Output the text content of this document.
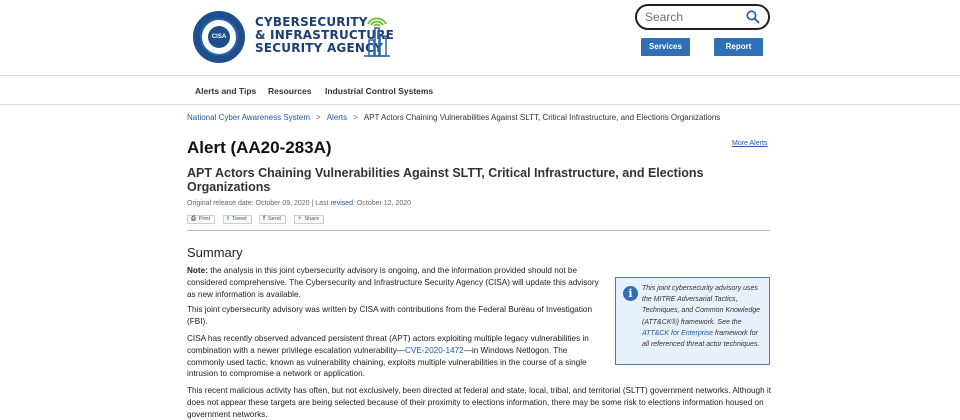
CISA
CYBERSECURITY
& INFRASTRUCTURE
SECURITY AGENCY
Search	Services	Report
Alerts and Tips Resources Industrial Control Systems
National Cyber Awareness System > Alerts > APT Actors Chaining Vulnerabilities Against SLTT, Critical Infrastructure, and Elections Organizations
Alert (AA20-283A)	More Alerts
APT Actors Chaining Vulnerabilities Against SLTT, Critical Infrastructure, and Elections Organizations
Original release date: October 09, 2020 | Last revised: October 12, 2020
⎙ Print	t Tweet	f Send	+ Share
Summary
Note: the analysis in this joint cybersecurity advisory is ongoing, and the information provided should not be considered comprehensive. The Cybersecurity and Infrastructure Security Agency (CISA) will update this advisory as new information is available.
This joint cybersecurity advisory was written by CISA with contributions from the Federal Bureau of Investigation (FBI).
CISA has recently observed advanced persistent threat (APT) actors exploiting multiple legacy vulnerabilities in combination with a newer privilege escalation vulnerability—CVE-2020-1472—in Windows Netlogon. The commonly used tactic, known as vulnerability chaining, exploits multiple vulnerabilities in the course of a single intrusion to compromise a network or application.
This recent malicious activity has often, but not exclusively, been directed at federal and state, local, tribal, and territorial (SLTT) government networks. Although it does not appear these targets are being selected because of their proximity to elections information, there may be some risk to elections information housed on government networks.
i	This joint cybersecurity advisory uses the MITRE Adversarial Tactics, Techniques, and Common Knowledge (ATT&CK®) framework. See the ATT&CK for Enterprise framework for all referenced threat actor techniques.
